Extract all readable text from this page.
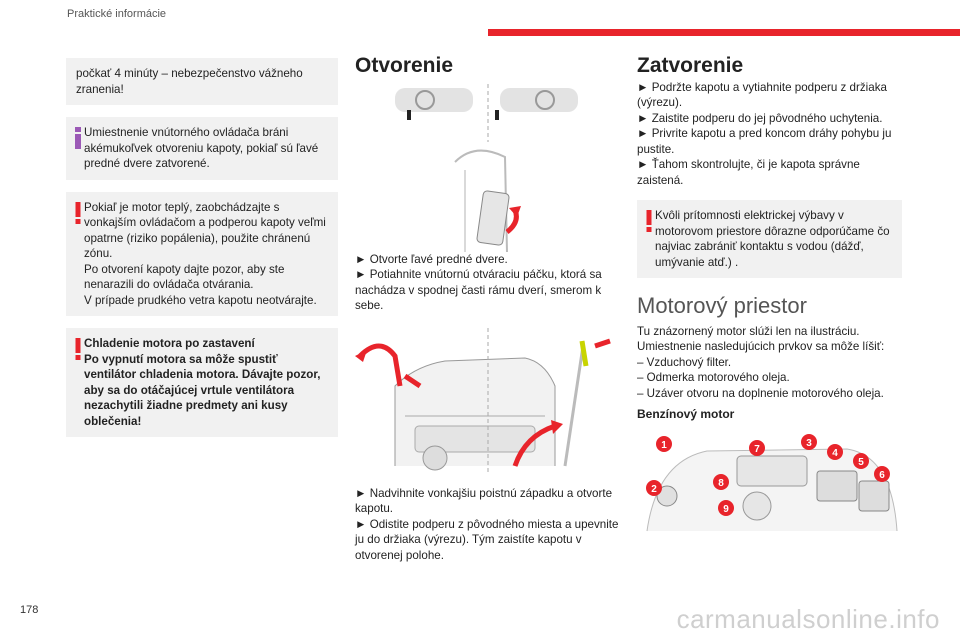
Praktické informácie

počkať 4 minúty – nebezpečenstvo vážneho zranenia!

Umiestnenie vnútorného ovládača bráni akémukoľvek otvoreniu kapoty, pokiaľ sú ľavé predné dvere zatvorené.

Pokiaľ je motor teplý, zaobchádzajte s vonkajším ovládačom a podperou kapoty veľmi opatrne (riziko popálenia), použite chránenú zónu.

Po otvorení kapoty dajte pozor, aby ste nenarazili do ovládača otvárania.

V prípade prudkého vetra kapotu neotvárajte.

Chladenie motora po zastavení

Po vypnutí motora sa môže spustiť ventilátor chladenia motora. Dávajte pozor, aby sa do otáčajúcej vrtule ventilátora nezachytili žiadne predmety ani kusy oblečenia!

Otvorenie

► Otvorte ľavé predné dvere.

► Potiahnite vnútornú otváraciu páčku, ktorá sa nachádza v spodnej časti rámu dverí, smerom k sebe.

► Nadvihnite vonkajšiu poistnú západku a otvorte kapotu.

► Odistite podperu z pôvodného miesta a upevnite ju do držiaka (výrezu). Tým zaistíte kapotu v otvorenej polohe.

Zatvorenie

► Podržte kapotu a vytiahnite podperu z držiaka (výrezu).

► Zaistite podperu do jej pôvodného uchytenia.

► Privrite kapotu a pred koncom dráhy pohybu ju pustite.

► Ťahom skontrolujte, či je kapota správne zaistená.

Kvôli prítomnosti elektrickej výbavy v motorovom priestore dôrazne odporúčame čo najviac zabrániť kontaktu s vodou (dážď, umývanie atď.) .

Motorový priestor

Tu znázornený motor slúži len na ilustráciu.

Umiestnenie nasledujúcich prvkov sa môže líšiť:

– Vzduchový filter.

– Odmerka motorového oleja.

– Uzáver otvoru na doplnenie motorového oleja.

Benzínový motor
1
2
3
4
5
6
7
8
9
178	carmanualsonline.info
